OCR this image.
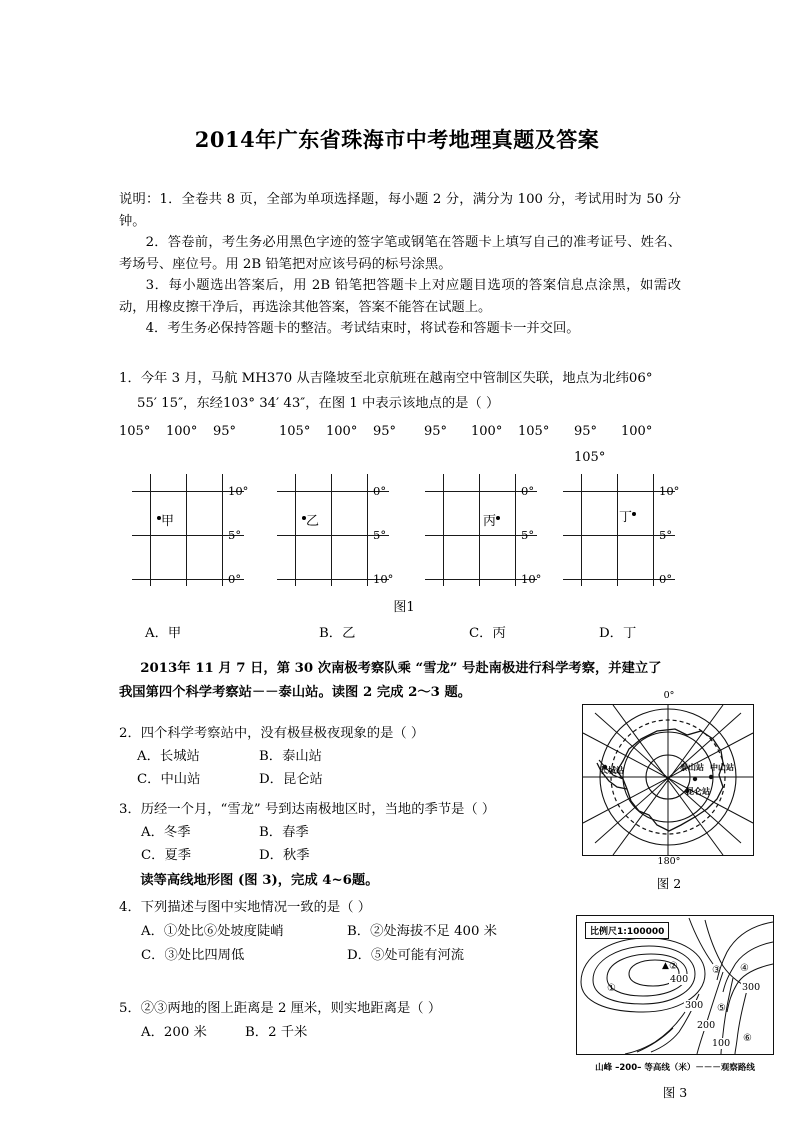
2014年广东省珠海市中考地理真题及答案

说明：1．全卷共 8 页，全部为单项选择题，每小题 2 分，满分为 100 分，考试用时为 50 分钟。

2．答卷前，考生务必用黑色字迹的签字笔或钢笔在答题卡上填写自己的准考证号、姓名、考场号、座位号。用 2B 铅笔把对应该号码的标号涂黑。

3．每小题选出答案后，用 2B 铅笔把答题卡上对应题目选项的答案信息点涂黑，如需改动，用橡皮擦干净后，再选涂其他答案，答案不能答在试题上。

4．考生务必保持答题卡的整洁。考试结束时，将试卷和答题卡一并交回。

1．今年 3 月，马航 MH370 从吉隆坡至北京航班在越南空中管制区失联，地点为北纬06°
55′ 15″，东经103° 34′ 43″，在图 1 中表示该地点的是（ ）
105° 100° 95°	105° 100° 95° 95° 100° 105° 95° 100°
105°
10°
5°
0°
甲
0°
5°
10°
乙
0°
5°
10°
丙
10°
5°
0°
丁
图1
A．甲	B．乙	C．丙	D．丁
2013年 11 月 7 日，第 30 次南极考察队乘 “雪龙” 号赴南极进行科学考察，并建立了
我国第四个科学考察站－－泰山站。读图 2 完成 2～3 题。
2．四个科学考察站中，没有极昼极夜现象的是（ ）
A．长城站	B．泰山站
C．中山站	D．昆仑站
3．历经一个月，“雪龙” 号到达南极地区时，当地的季节是（ ）
A．冬季	B．春季
C．夏季	D．秋季
0°
长城站	泰山站 中山站
昆仑站
180°
图 2
读等高线地形图 (图 3)，完成 4~6题。
4．下列描述与图中实地情况一致的是（ ）
A．①处比⑥处坡度陡峭	B．②处海拔不足 400 米
C．③处比四周低	D．⑤处可能有河流
5．②③两地的图上距离是 2 厘米，则实地距离是（ ）
A．200 米	B．2 千米
比例尺1:100000
400
300
300
200
100
①
②	③ ④
⑤
⑥
▲
山峰 –200– 等高线（米）－－－观察路线
图 3
